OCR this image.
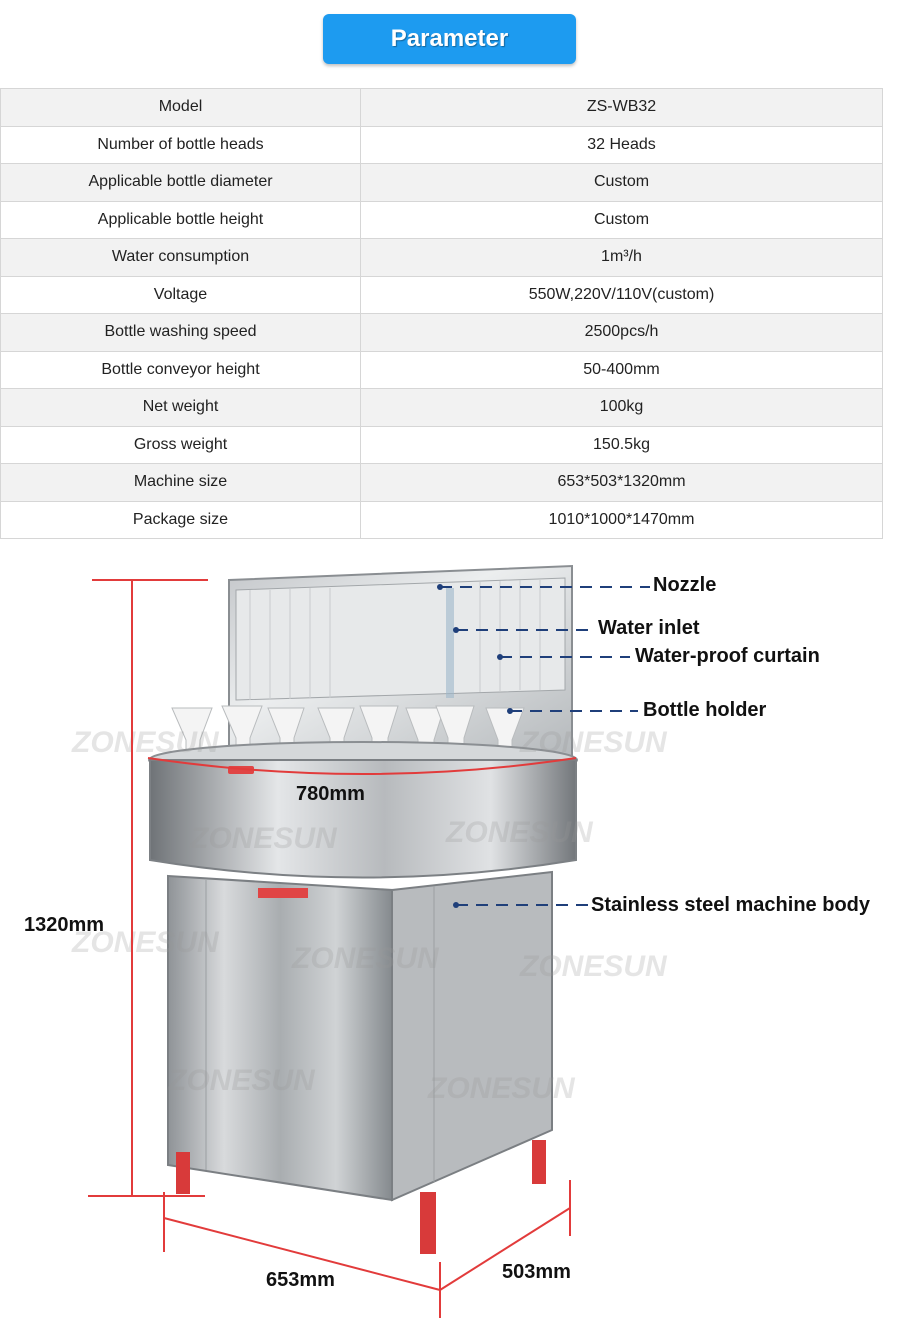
Parameter
Model	ZS-WB32
Number of bottle heads	32 Heads
Applicable bottle diameter	Custom
Applicable bottle height	Custom
Water consumption	1m³/h
Voltage	550W,220V/110V(custom)
Bottle washing speed	2500pcs/h
Bottle conveyor height	50-400mm
Net weight	100kg
Gross weight	150.5kg
Machine size	653*503*1320mm
Package size	1010*1000*1470mm
ZONESUN	ZONESUN
ZONESUN	ZONESUN
ZONESUN ZONESUN	ZONESUN
ZONESUN	ZONESUN
Nozzle
Water inlet
Water-proof curtain
Bottle holder
Stainless steel machine body
1320mm
780mm
653mm	503mm
